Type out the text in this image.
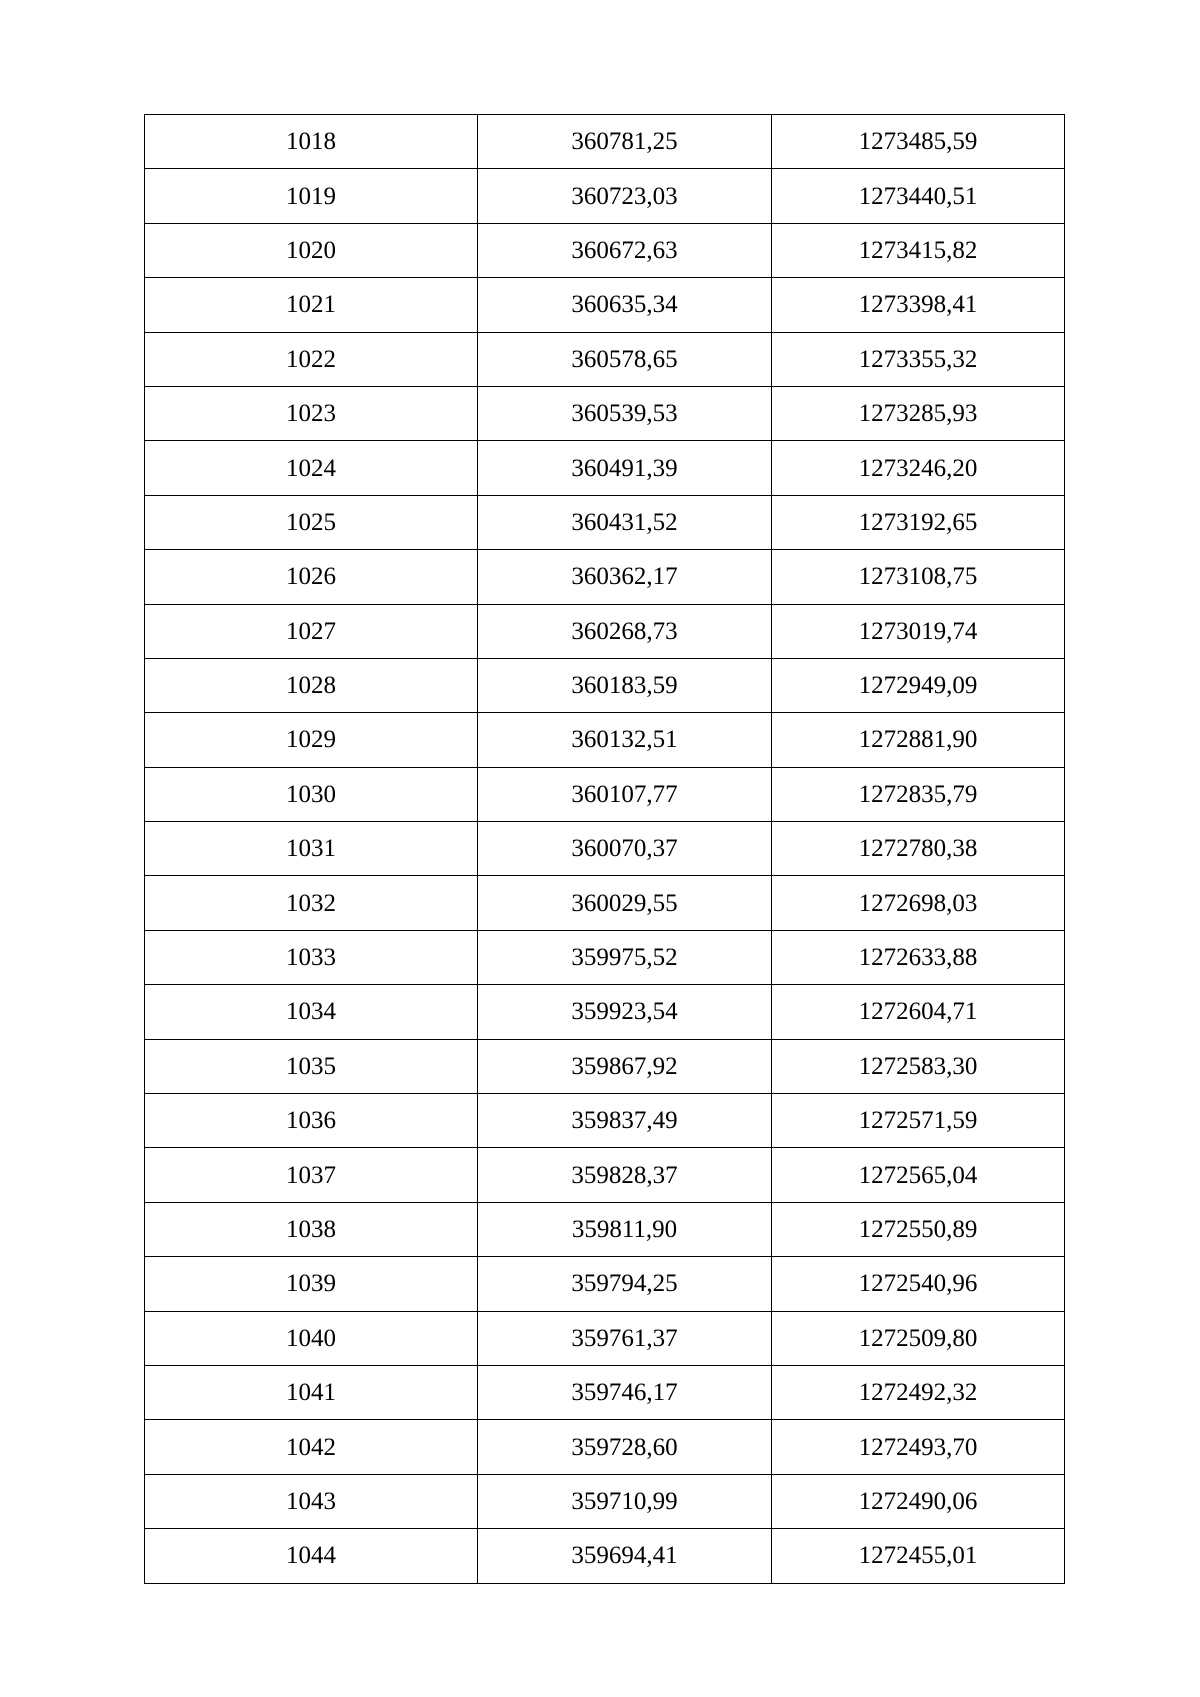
1018	360781,25	1273485,59
1019	360723,03	1273440,51
1020	360672,63	1273415,82
1021	360635,34	1273398,41
1022	360578,65	1273355,32
1023	360539,53	1273285,93
1024	360491,39	1273246,20
1025	360431,52	1273192,65
1026	360362,17	1273108,75
1027	360268,73	1273019,74
1028	360183,59	1272949,09
1029	360132,51	1272881,90
1030	360107,77	1272835,79
1031	360070,37	1272780,38
1032	360029,55	1272698,03
1033	359975,52	1272633,88
1034	359923,54	1272604,71
1035	359867,92	1272583,30
1036	359837,49	1272571,59
1037	359828,37	1272565,04
1038	359811,90	1272550,89
1039	359794,25	1272540,96
1040	359761,37	1272509,80
1041	359746,17	1272492,32
1042	359728,60	1272493,70
1043	359710,99	1272490,06
1044	359694,41	1272455,01
